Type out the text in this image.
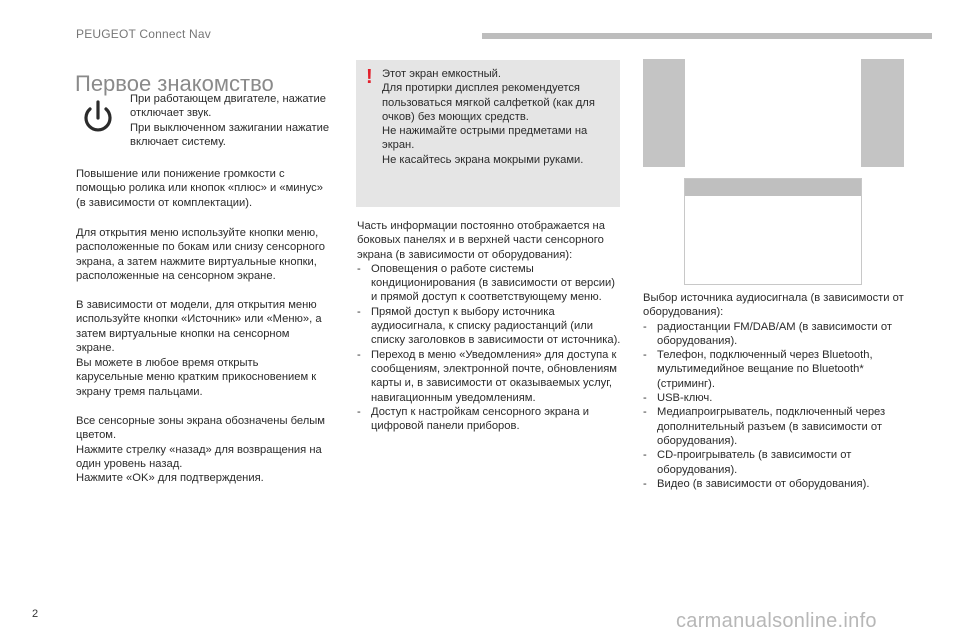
PEUGEOT Connect Nav
Первое знакомство
При работающем двигателе, нажатие отключает звук.
При выключенном зажигании нажатие включает систему.

Повышение или понижение громкости с помощью ролика или кнопок «плюс» и «минус» (в зависимости от комплектации).

Для открытия меню используйте кнопки меню, расположенные по бокам или снизу сенсорного экрана, а затем нажмите виртуальные кнопки, расположенные на сенсорном экране.

В зависимости от модели, для открытия меню используйте кнопки «Источник» или «Меню», а затем виртуальные кнопки на сенсорном экране.

Вы можете в любое время открыть карусельные меню кратким прикосновением к экрану тремя пальцами.

Все сенсорные зоны экрана обозначены белым цветом.
Нажмите стрелку «назад» для возвращения на один уровень назад.
Нажмите «OK» для подтверждения.
! Этот экран емкостный.
Для протирки дисплея рекомендуется пользоваться мягкой салфеткой (как для очков) без моющих средств.
Не нажимайте острыми предметами на экран.
Не касайтесь экрана мокрыми руками.
Часть информации постоянно отображается на боковых панелях и в верхней части сенсорного экрана (в зависимости от оборудования):
- Оповещения о работе системы кондиционирования (в зависимости от версии) и прямой доступ к соответствующему меню.
- Прямой доступ к выбору источника аудиосигнала, к списку радиостанций (или списку заголовков в зависимости от источника).
- Переход в меню «Уведомления» для доступа к сообщениям, электронной почте, обновлениям карты и, в зависимости от оказываемых услуг, навигационным уведомлениям.
- Доступ к настройкам сенсорного экрана и цифровой панели приборов.
Выбор источника аудиосигнала (в зависимости от оборудования):
- радиостанции FM/DAB/AM (в зависимости от оборудования).
- Телефон, подключенный через Bluetooth, мультимедийное вещание по Bluetooth* (стриминг).
- USB-ключ.
- Медиапроигрыватель, подключенный через дополнительный разъем (в зависимости от оборудования).
- CD-проигрыватель (в зависимости от оборудования).
- Видео (в зависимости от оборудования).
2	carmanualsonline.info
